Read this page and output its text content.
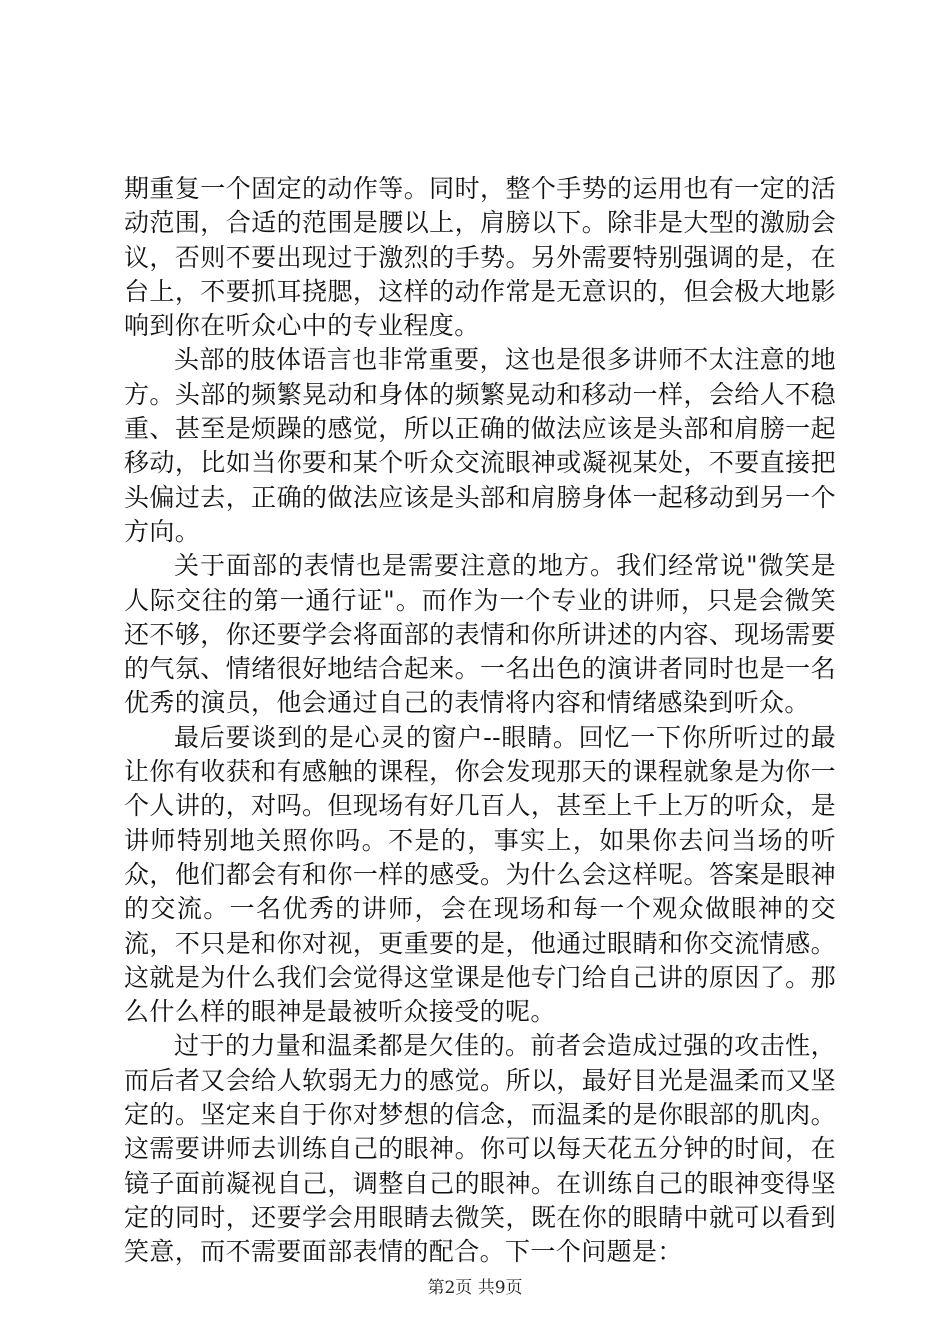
期重复一个固定的动作等。同时，整个手势的运用也有一定的活动范围，合适的范围是腰以上，肩膀以下。除非是大型的激励会议，否则不要出现过于激烈的手势。另外需要特别强调的是，在台上，不要抓耳挠腮，这样的动作常是无意识的，但会极大地影响到你在听众心中的专业程度。

头部的肢体语言也非常重要，这也是很多讲师不太注意的地方。头部的频繁晃动和身体的频繁晃动和移动一样，会给人不稳重、甚至是烦躁的感觉，所以正确的做法应该是头部和肩膀一起移动，比如当你要和某个听众交流眼神或凝视某处，不要直接把头偏过去，正确的做法应该是头部和肩膀身体一起移动到另一个方向。

关于面部的表情也是需要注意的地方。我们经常说"微笑是人际交往的第一通行证"。而作为一个专业的讲师，只是会微笑还不够，你还要学会将面部的表情和你所讲述的内容、现场需要的气氛、情绪很好地结合起来。一名出色的演讲者同时也是一名优秀的演员，他会通过自己的表情将内容和情绪感染到听众。

最后要谈到的是心灵的窗户--眼睛。回忆一下你所听过的最让你有收获和有感触的课程，你会发现那天的课程就象是为你一个人讲的，对吗。但现场有好几百人，甚至上千上万的听众，是讲师特别地关照你吗。不是的，事实上，如果你去问当场的听众，他们都会有和你一样的感受。为什么会这样呢。答案是眼神的交流。一名优秀的讲师，会在现场和每一个观众做眼神的交流，不只是和你对视，更重要的是，他通过眼睛和你交流情感。这就是为什么我们会觉得这堂课是他专门给自己讲的原因了。那么什么样的眼神是最被听众接受的呢。

过于的力量和温柔都是欠佳的。前者会造成过强的攻击性，而后者又会给人软弱无力的感觉。所以，最好目光是温柔而又坚定的。坚定来自于你对梦想的信念，而温柔的是你眼部的肌肉。这需要讲师去训练自己的眼神。你可以每天花五分钟的时间，在镜子面前凝视自己，调整自己的眼神。在训练自己的眼神变得坚定的同时，还要学会用眼睛去微笑，既在你的眼睛中就可以看到笑意，而不需要面部表情的配合。下一个问题是：

第2页 共9页
